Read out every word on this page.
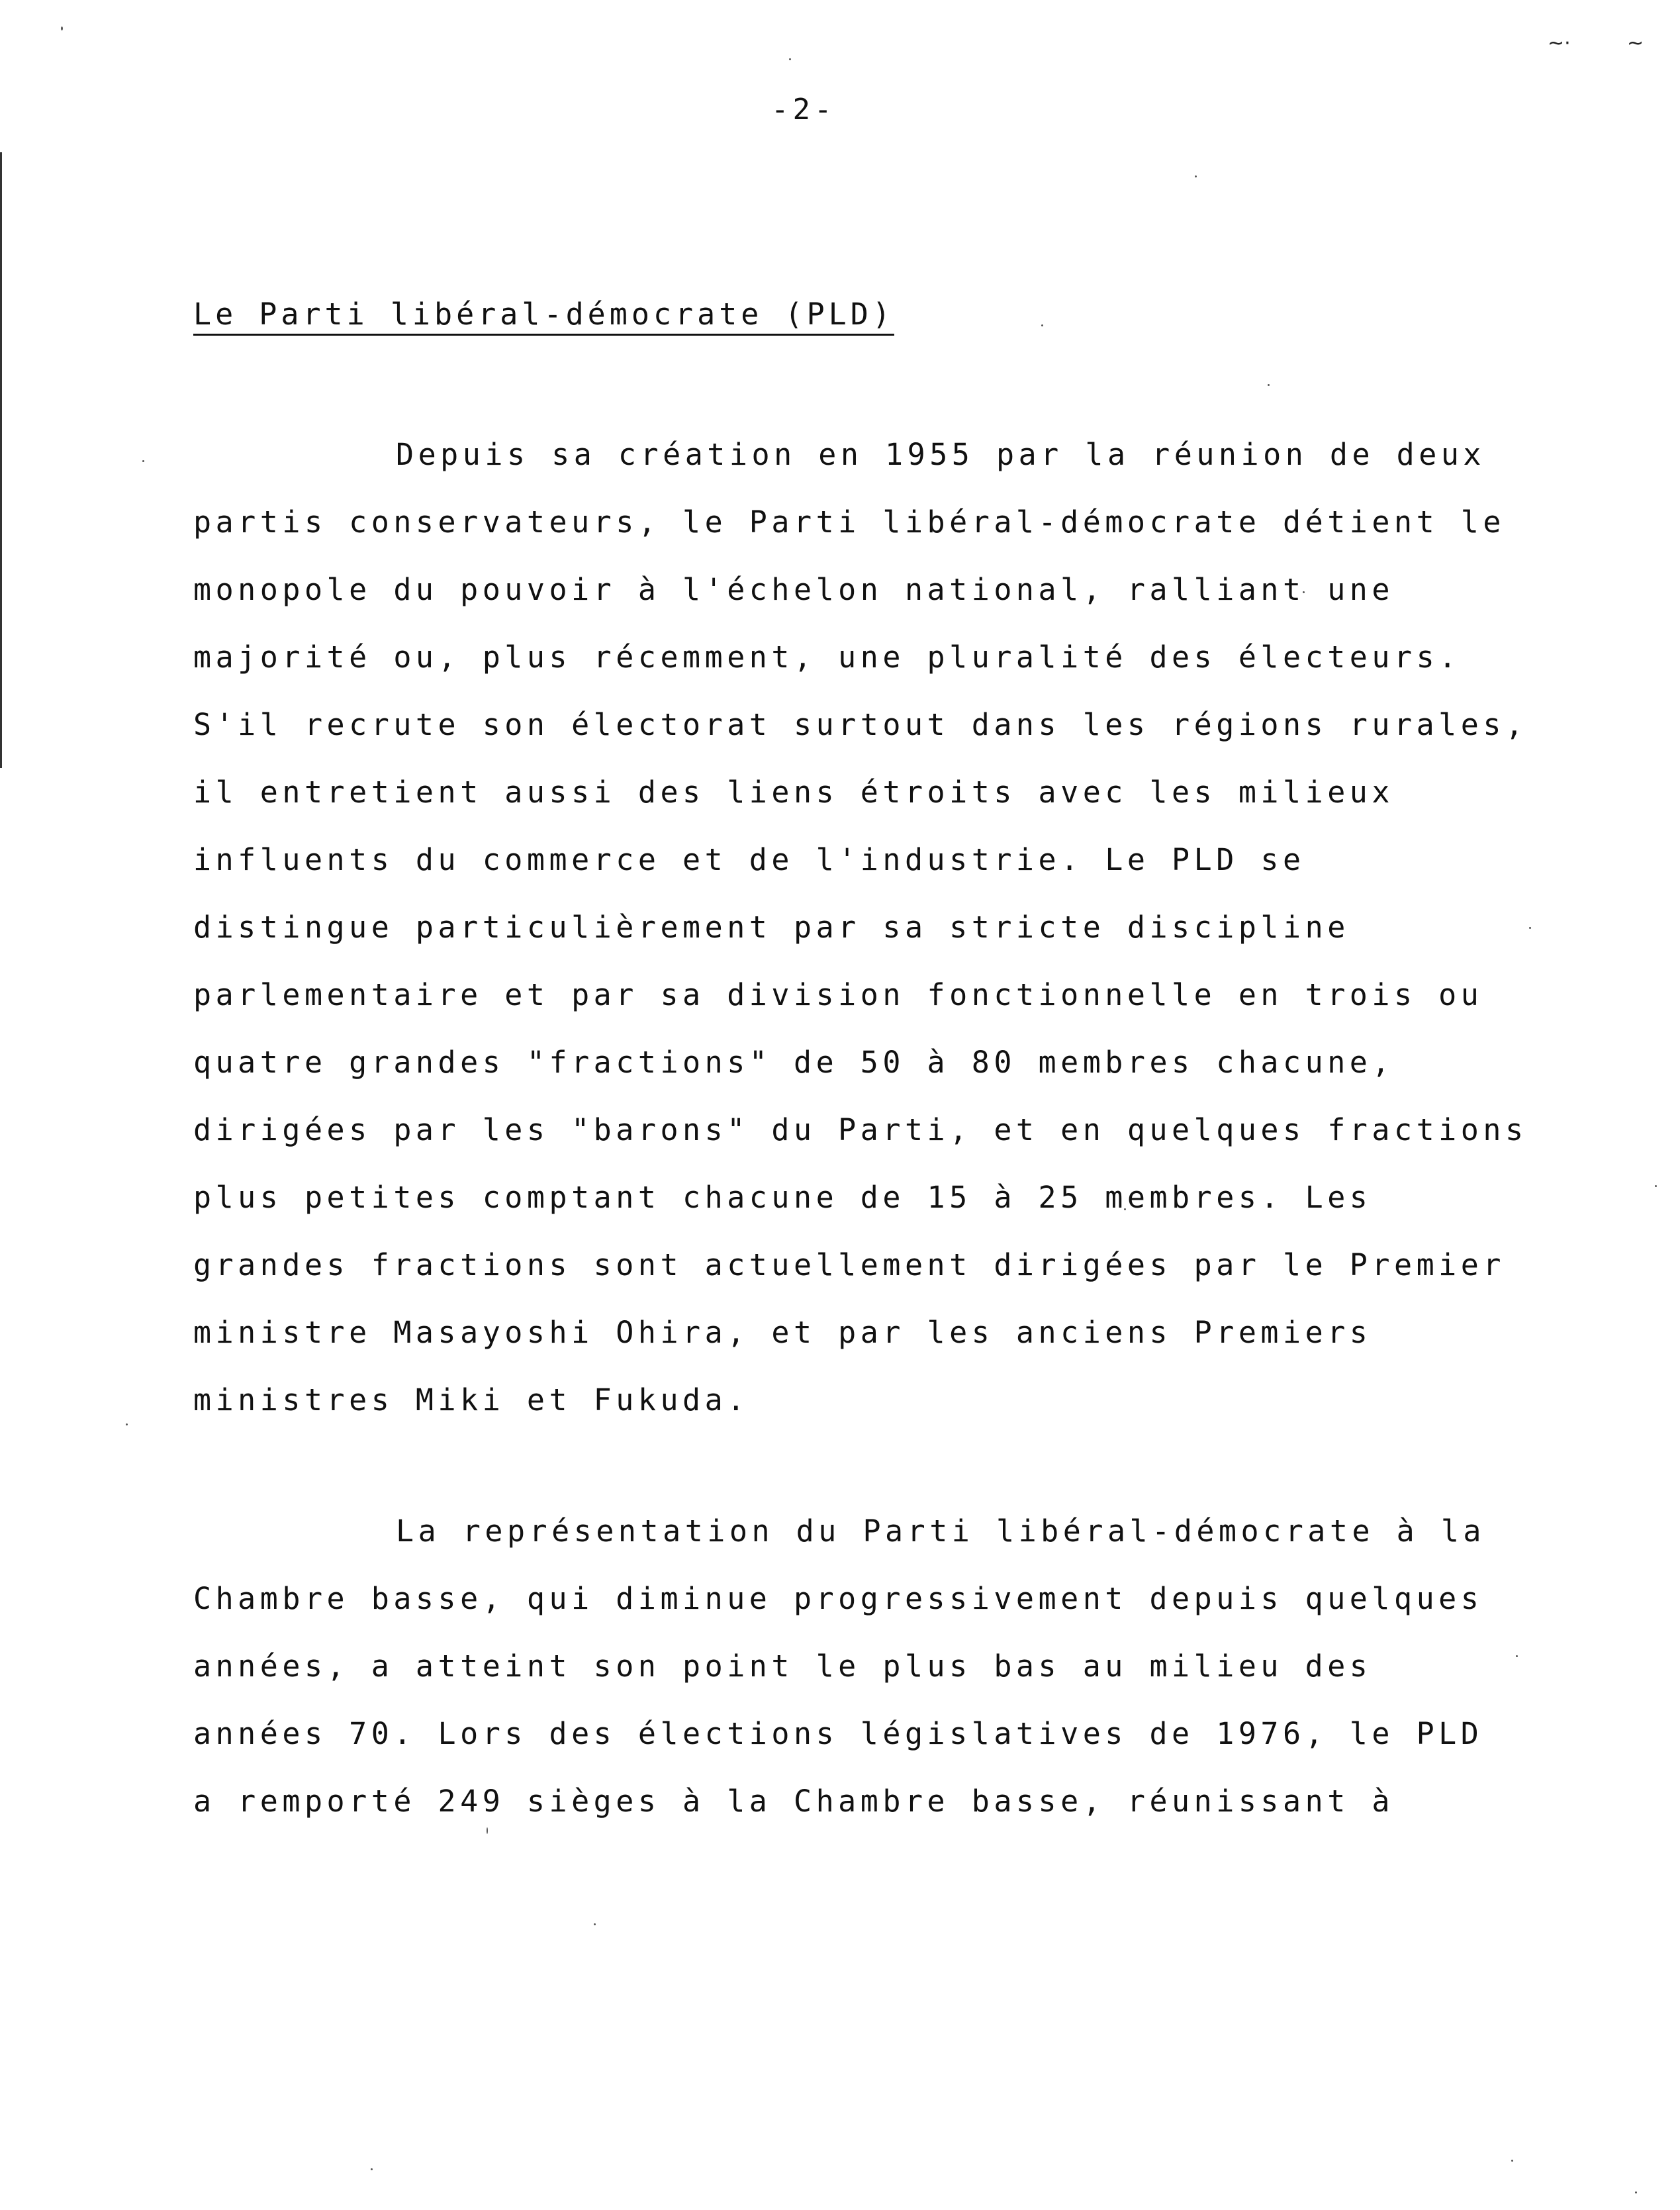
~·	~
-2-
Le Parti libéral-démocrate (PLD)
Depuis sa création en 1955 par la réunion de deux
partis conservateurs, le Parti libéral-démocrate détient le
monopole du pouvoir à l'échelon national, ralliant une
majorité ou, plus récemment, une pluralité des électeurs.
S'il recrute son électorat surtout dans les régions rurales,
il entretient aussi des liens étroits avec les milieux
influents du commerce et de l'industrie. Le PLD se
distingue particulièrement par sa stricte discipline
parlementaire et par sa division fonctionnelle en trois ou
quatre grandes "fractions" de 50 à 80 membres chacune,
dirigées par les "barons" du Parti, et en quelques fractions
plus petites comptant chacune de 15 à 25 membres. Les
grandes fractions sont actuellement dirigées par le Premier
ministre Masayoshi Ohira, et par les anciens Premiers
ministres Miki et Fukuda.
La représentation du Parti libéral-démocrate à la
Chambre basse, qui diminue progressivement depuis quelques
années, a atteint son point le plus bas au milieu des
années 70. Lors des élections législatives de 1976, le PLD
a remporté 249 sièges à la Chambre basse, réunissant à
